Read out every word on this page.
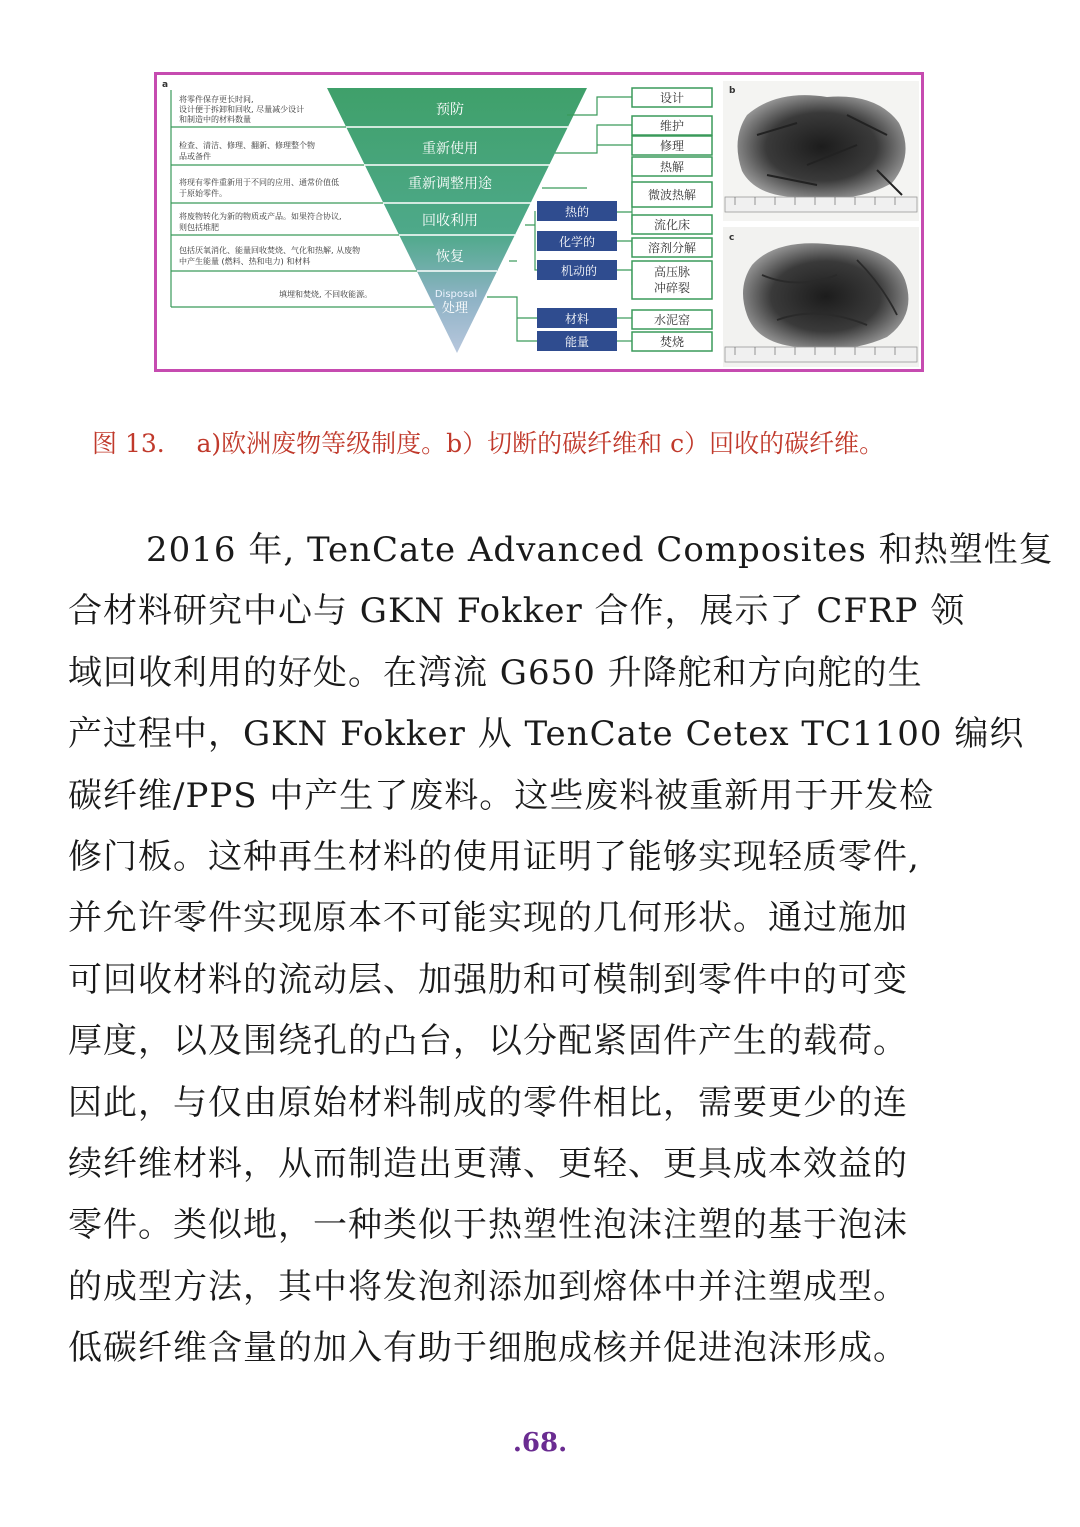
a
将零件保存更长时间,
设计便于拆卸和回收, 尽量减少设计
和制造中的材料数量
检查、清洁、修理、翻新、修理整个物
品或备件
将现有零件重新用于不同的应用、通常价值低
于原始零件。
将废物转化为新的物质或产品。如果符合协议,
则包括堆肥
包括厌氧消化、能量回收焚烧、气化和热解, 从废物
中产生能量 (燃料、热和电力) 和材料
填埋和焚烧, 不回收能源。
预防
重新使用
重新调整用途
回收利用
恢复
Disposal
处理
热的
化学的
机动的
材料
能量
设计
维护
修理
热解
微波热解
流化床
溶剂分解
高压脉
冲碎裂
水泥窑
焚烧
b
c
图 13.    a)欧洲废物等级制度。b）切断的碳纤维和 c）回收的碳纤维。
2016 年, TenCate Advanced Composites 和热塑性复
合材料研究中心与 GKN Fokker 合作，展示了 CFRP 领
域回收利用的好处。在湾流 G650 升降舵和方向舵的生
产过程中，GKN Fokker 从 TenCate Cetex TC1100 编织
碳纤维/PPS 中产生了废料。这些废料被重新用于开发检
修门板。这种再生材料的使用证明了能够实现轻质零件,
并允许零件实现原本不可能实现的几何形状。通过施加
可回收材料的流动层、加强肋和可模制到零件中的可变
厚度，以及围绕孔的凸台，以分配紧固件产生的载荷。
因此，与仅由原始材料制成的零件相比，需要更少的连
续纤维材料，从而制造出更薄、更轻、更具成本效益的
零件。类似地，一种类似于热塑性泡沫注塑的基于泡沫
的成型方法，其中将发泡剂添加到熔体中并注塑成型。
低碳纤维含量的加入有助于细胞成核并促进泡沫形成。
.68.
